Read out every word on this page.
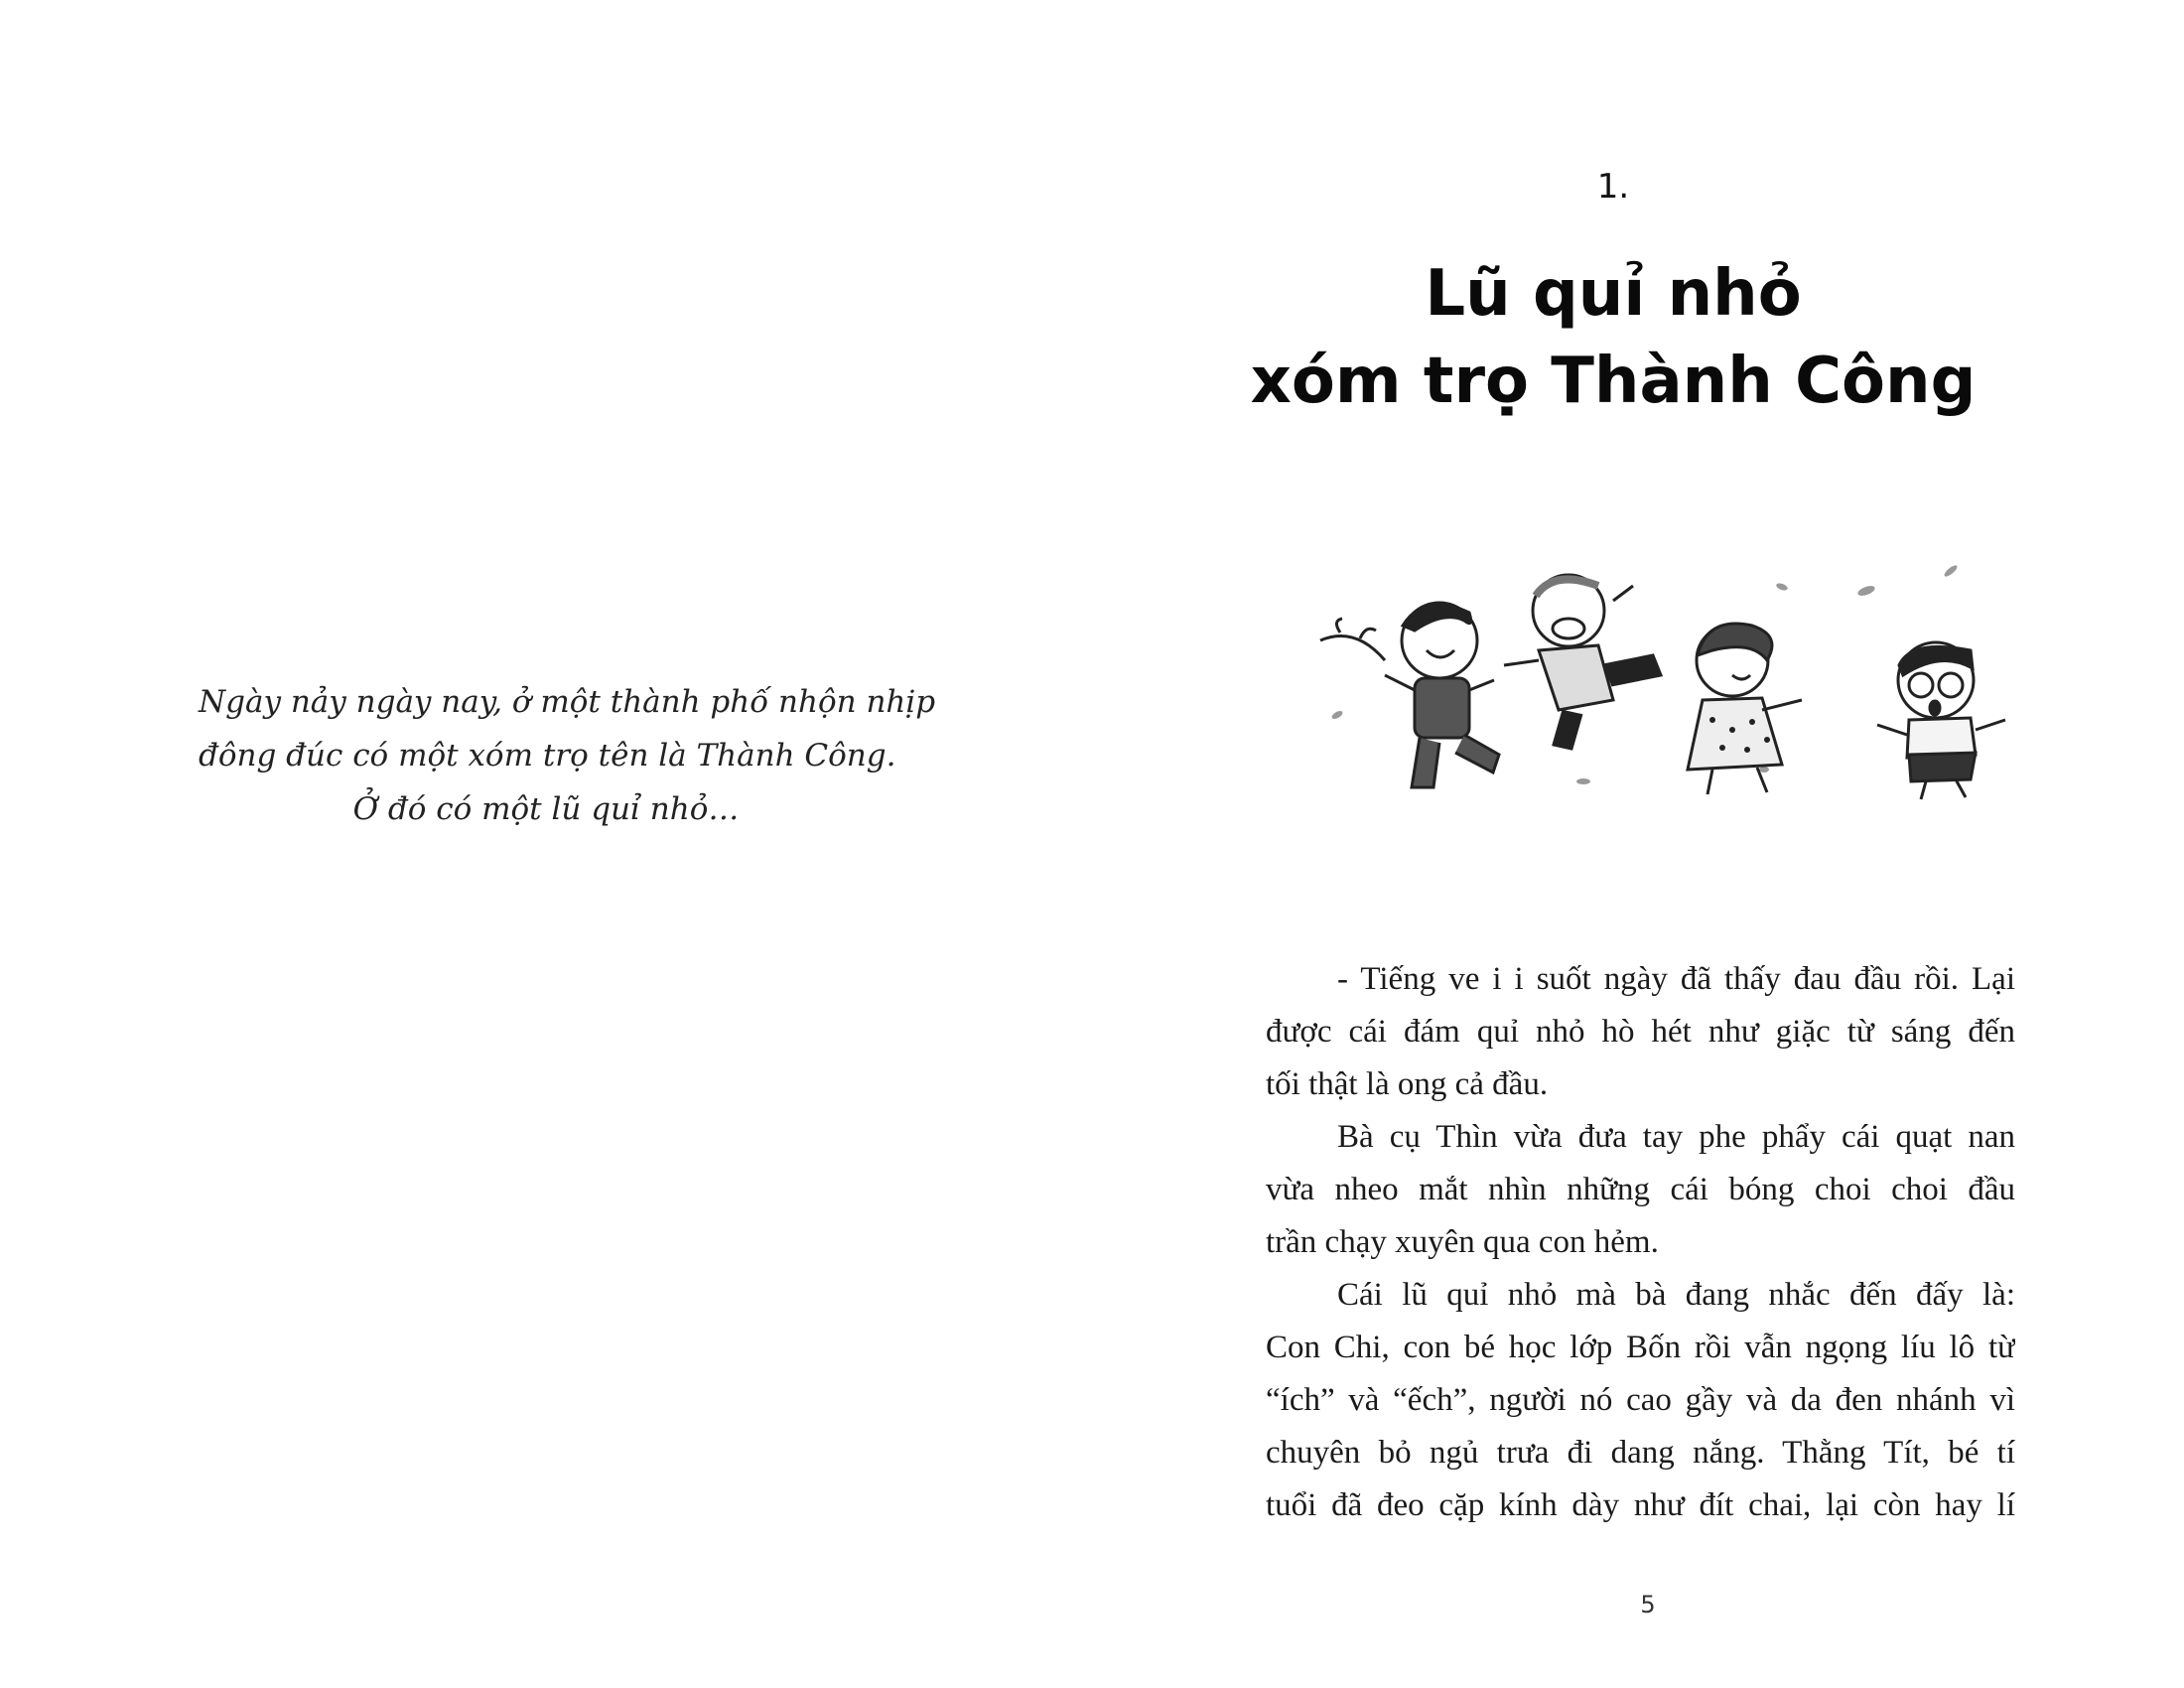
Ngày nảy ngày nay, ở một thành phố nhộn nhịp
đông đúc có một xóm trọ tên là Thành Công.
Ở đó có một lũ quỉ nhỏ…
1.
Lũ quỉ nhỏ
xóm trọ Thành Công
- Tiếng ve i i suốt ngày đã thấy đau đầu rồi. Lại
được cái đám quỉ nhỏ hò hét như giặc từ sáng đến
tối thật là ong cả đầu.
Bà cụ Thìn vừa đưa tay phe phẩy cái quạt nan
vừa nheo mắt nhìn những cái bóng choi choi đầu
trần chạy xuyên qua con hẻm.
Cái lũ quỉ nhỏ mà bà đang nhắc đến đấy là:
Con Chi, con bé học lớp Bốn rồi vẫn ngọng líu lô từ
“ích” và “ếch”, người nó cao gầy và da đen nhánh vì
chuyên bỏ ngủ trưa đi dang nắng. Thằng Tít, bé tí
tuổi đã đeo cặp kính dày như đít chai, lại còn hay lí
5
